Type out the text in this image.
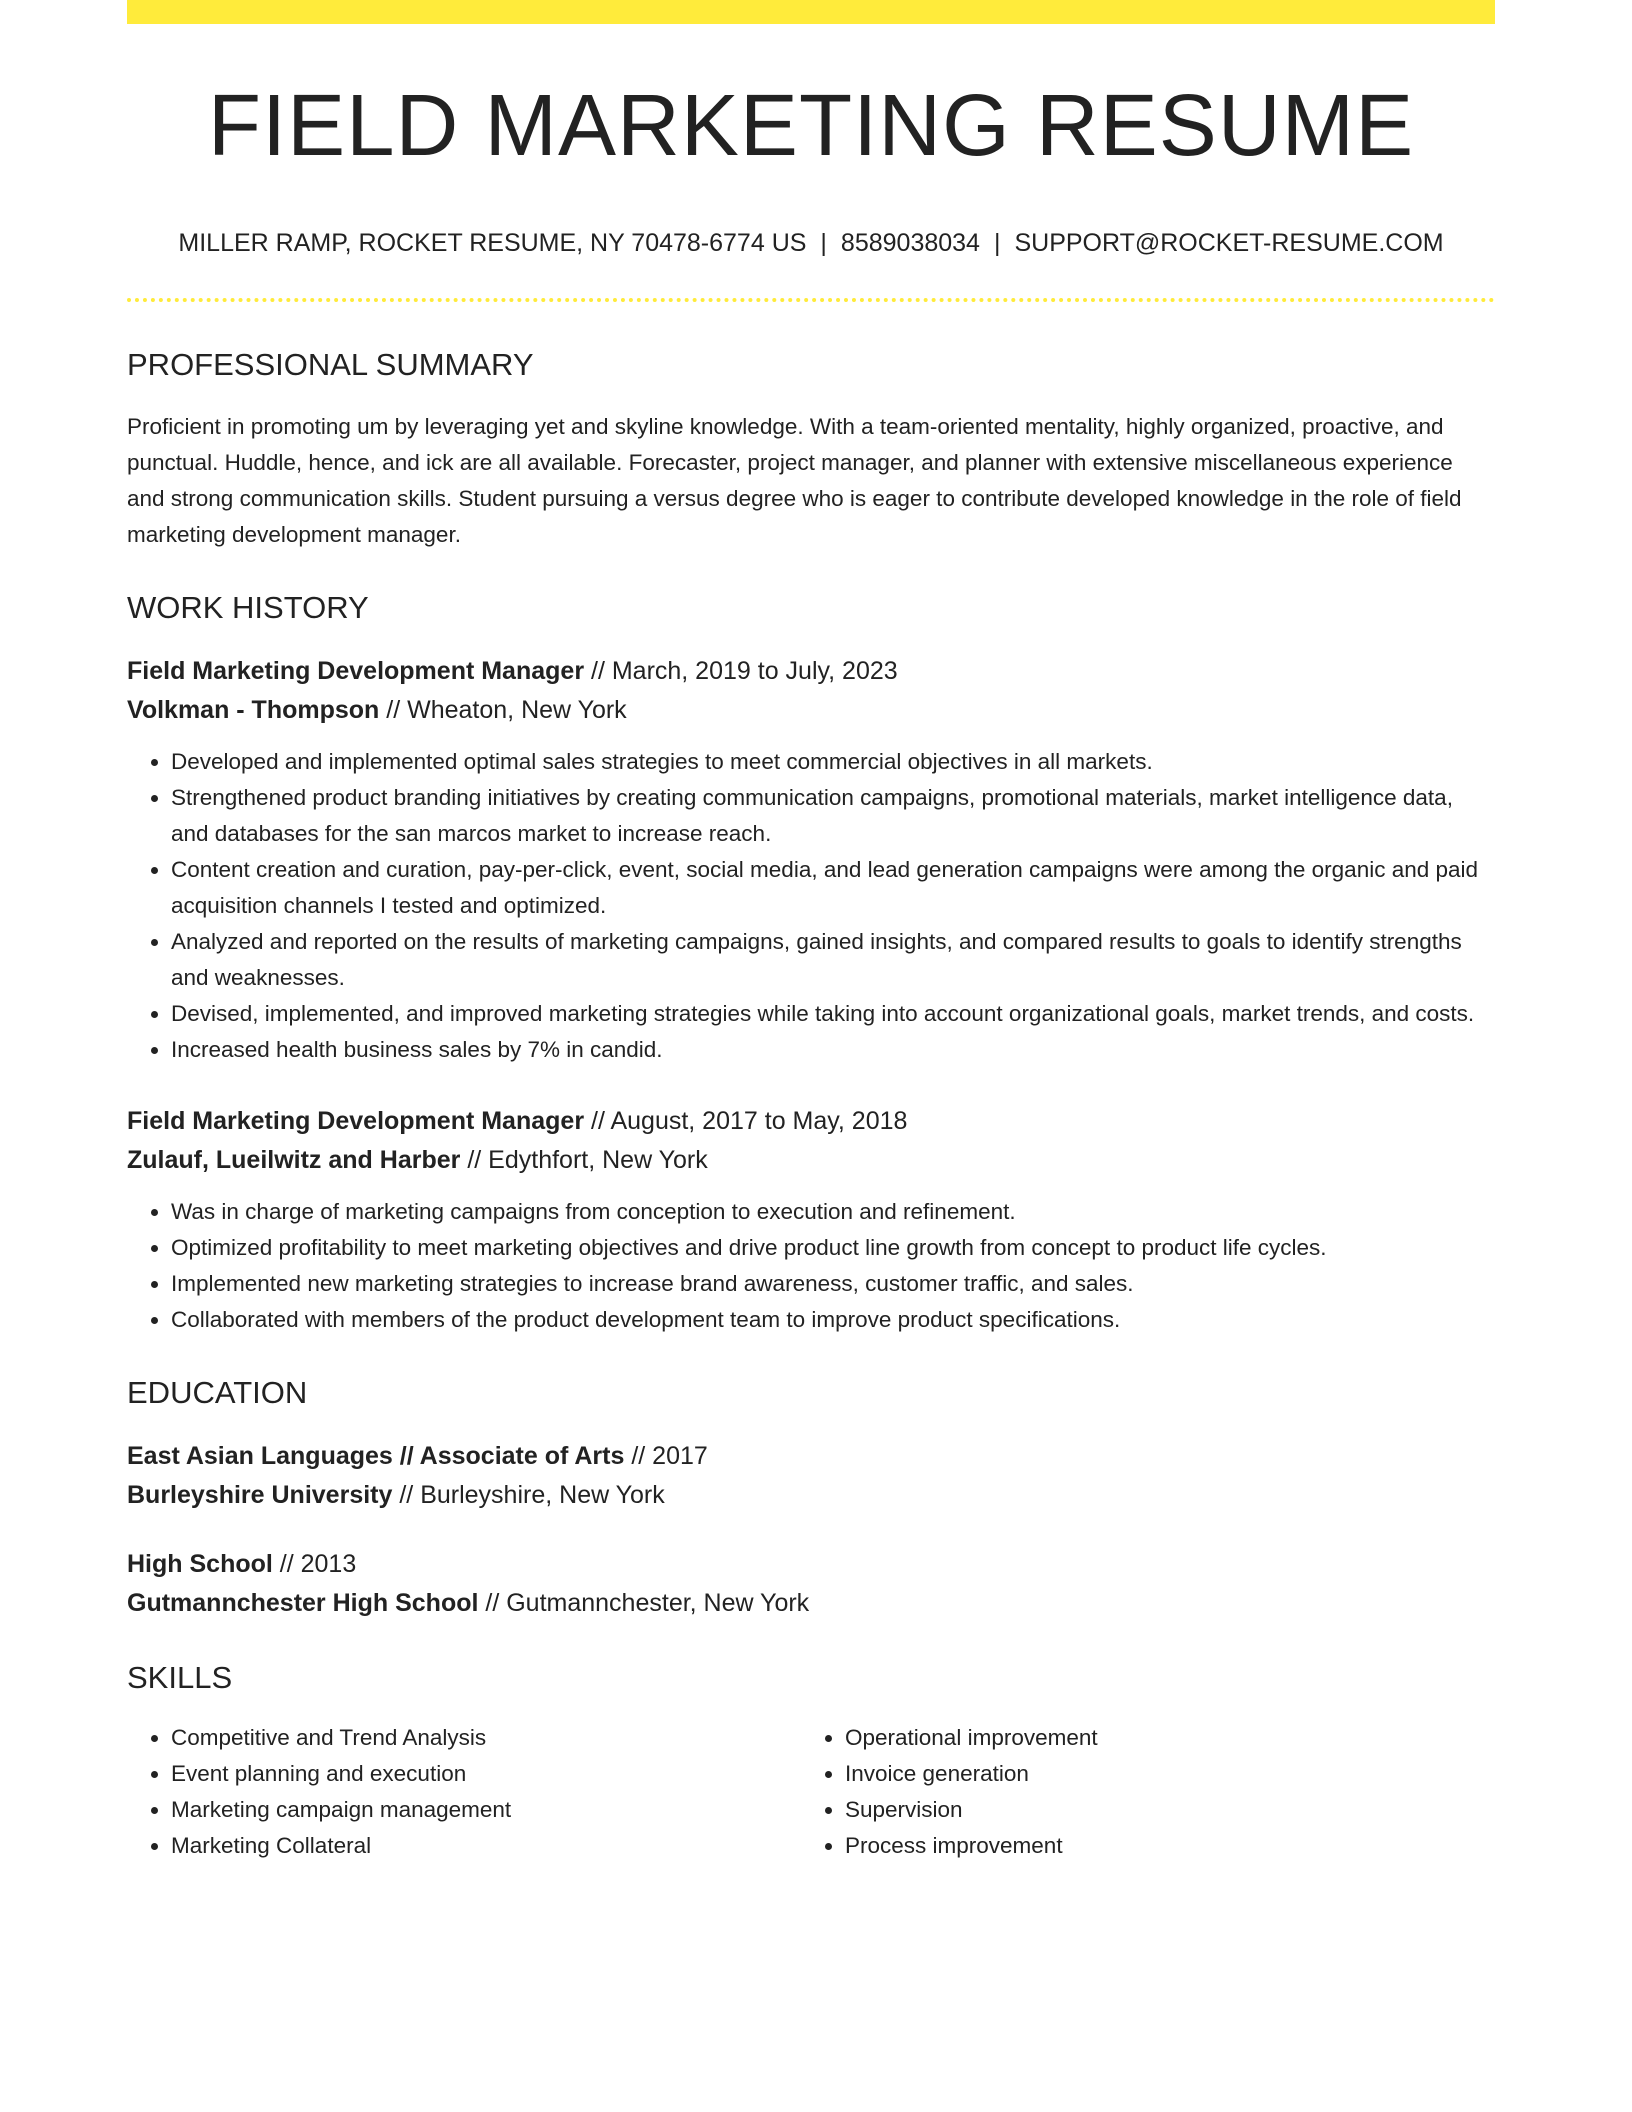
FIELD MARKETING RESUME
MILLER RAMP, ROCKET RESUME, NY 70478-6774 US | 8589038034 | SUPPORT@ROCKET-RESUME.COM
PROFESSIONAL SUMMARY

Proficient in promoting um by leveraging yet and skyline knowledge. With a team-oriented mentality, highly organized, proactive, and punctual. Huddle, hence, and ick are all available. Forecaster, project manager, and planner with extensive miscellaneous experience and strong communication skills. Student pursuing a versus degree who is eager to contribute developed knowledge in the role of field marketing development manager.

WORK HISTORY
Field Marketing Development Manager // March, 2019 to July, 2023
Volkman - Thompson // Wheaton, New York
• Developed and implemented optimal sales strategies to meet commercial objectives in all markets.
• Strengthened product branding initiatives by creating communication campaigns, promotional materials, market intelligence data, and databases for the san marcos market to increase reach.
• Content creation and curation, pay-per-click, event, social media, and lead generation campaigns were among the organic and paid acquisition channels I tested and optimized.
• Analyzed and reported on the results of marketing campaigns, gained insights, and compared results to goals to identify strengths and weaknesses.
• Devised, implemented, and improved marketing strategies while taking into account organizational goals, market trends, and costs.
• Increased health business sales by 7% in candid.
Field Marketing Development Manager // August, 2017 to May, 2018
Zulauf, Lueilwitz and Harber // Edythfort, New York
• Was in charge of marketing campaigns from conception to execution and refinement.
• Optimized profitability to meet marketing objectives and drive product line growth from concept to product life cycles.
• Implemented new marketing strategies to increase brand awareness, customer traffic, and sales.
• Collaborated with members of the product development team to improve product specifications.
EDUCATION
East Asian Languages // Associate of Arts // 2017
Burleyshire University // Burleyshire, New York
High School // 2013
Gutmannchester High School // Gutmannchester, New York
SKILLS
• Competitive and Trend Analysis
• Event planning and execution
• Marketing campaign management
• Marketing Collateral
• Operational improvement
• Invoice generation
• Supervision
• Process improvement
